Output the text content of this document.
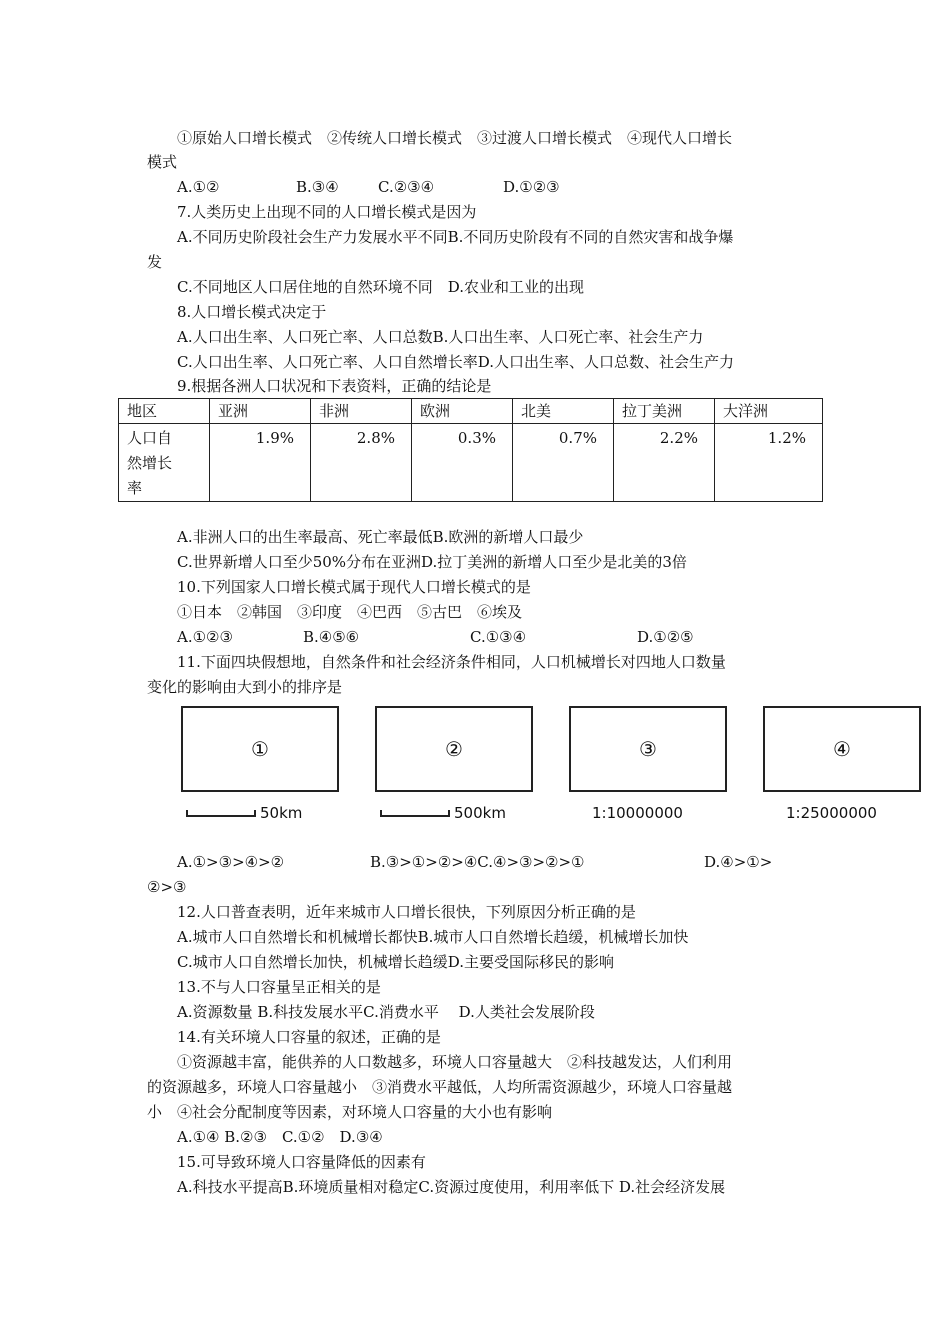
①原始人口增长模式　②传统人口增长模式　③过渡人口增长模式　④现代人口增长
模式
A.①②	B.③④	C.②③④	D.①②③
7.人类历史上出现不同的人口增长模式是因为
A.不同历史阶段社会生产力发展水平不同B.不同历史阶段有不同的自然灾害和战争爆
发
C.不同地区人口居住地的自然环境不同　D.农业和工业的出现
8.人口增长模式决定于
A.人口出生率、人口死亡率、人口总数B.人口出生率、人口死亡率、社会生产力
C.人口出生率、人口死亡率、人口自然增长率D.人口出生率、人口总数、社会生产力
9.根据各洲人口状况和下表资料，正确的结论是
地区	亚洲	非洲	欧洲	北美	拉丁美洲	大洋洲

人口自
然增长
率	1.9%	2.8%	0.3%	0.7%	2.2%	1.2%
A.非洲人口的出生率最高、死亡率最低B.欧洲的新增人口最少
C.世界新增人口至少50%分布在亚洲D.拉丁美洲的新增人口至少是北美的3倍
10.下列国家人口增长模式属于现代人口增长模式的是
①日本　②韩国　③印度　④巴西　⑤古巴　⑥埃及
A.①②③	B.④⑤⑥	C.①③④	D.①②⑤
11.下面四块假想地，自然条件和社会经济条件相同，人口机械增长对四地人口数量
变化的影响由大到小的排序是
①	②	③	④
50km	500km	1:10000000	1:25000000
A.①>③>④>②	B.③>①>②>④C.④>③>②>①	D.④>①>
②>③
12.人口普查表明，近年来城市人口增长很快，下列原因分析正确的是
A.城市人口自然增长和机械增长都快B.城市人口自然增长趋缓，机械增长加快
C.城市人口自然增长加快，机械增长趋缓D.主要受国际移民的影响
13.不与人口容量呈正相关的是
A.资源数量 B.科技发展水平C.消费水平　 D.人类社会发展阶段
14.有关环境人口容量的叙述，正确的是
①资源越丰富，能供养的人口数越多，环境人口容量越大　②科技越发达，人们利用
的资源越多，环境人口容量越小　③消费水平越低，人均所需资源越少，环境人口容量越
小　④社会分配制度等因素，对环境人口容量的大小也有影响
A.①④ B.②③　C.①②　D.③④
15.可导致环境人口容量降低的因素有
A.科技水平提高B.环境质量相对稳定C.资源过度使用，利用率低下 D.社会经济发展
